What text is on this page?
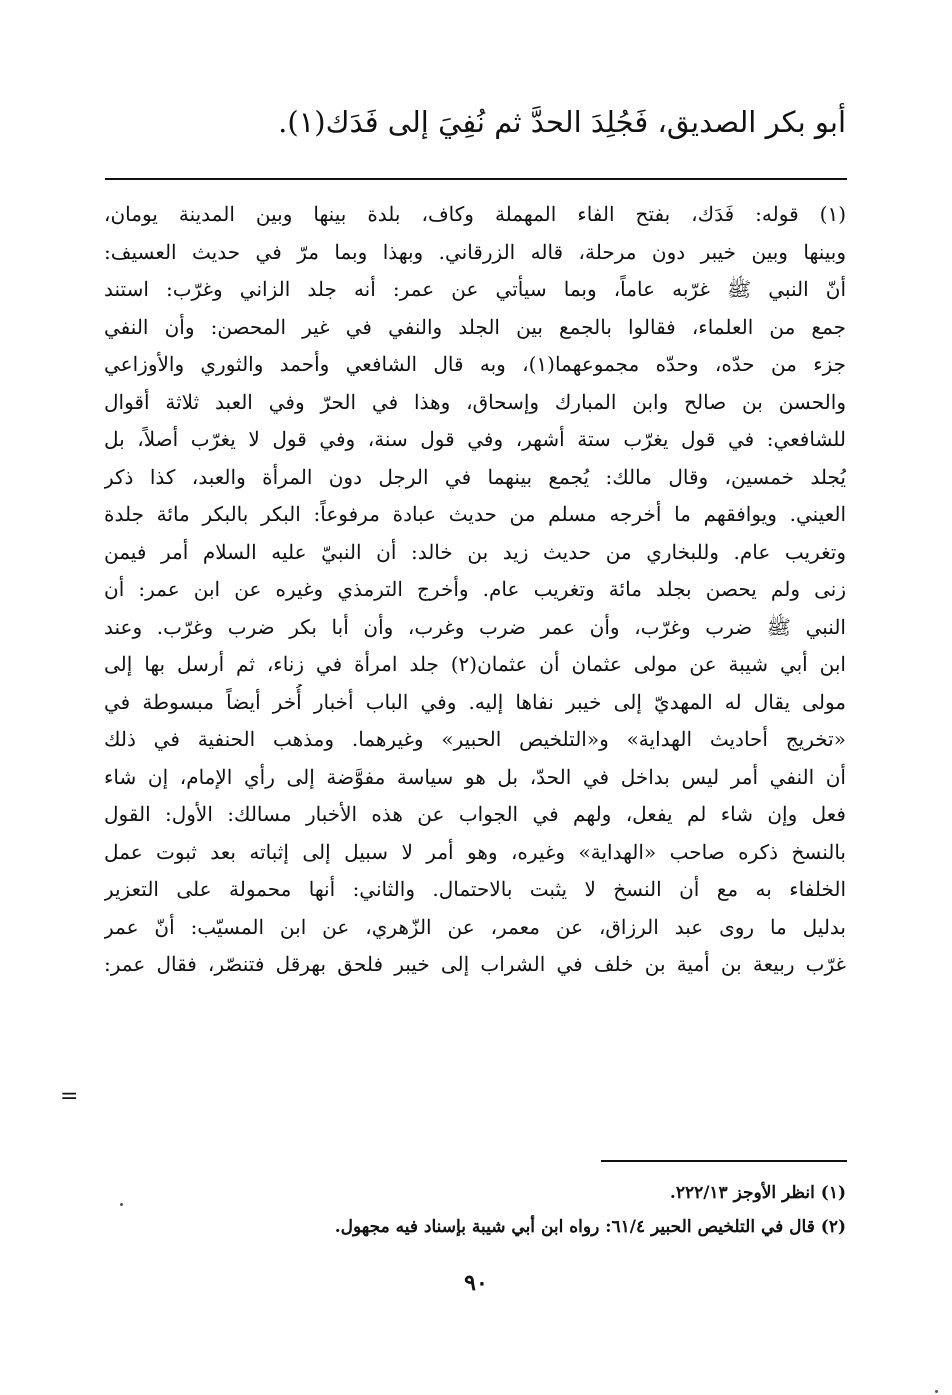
أبو بكر الصديق، فَجُلِدَ الحدَّ ثم نُفِيَ إلى فَدَك(١).
(١) قوله: فَدَك، بفتح الفاء المهملة وكاف، بلدة بينها وبين المدينة يومان،
وبينها وبين خيبر دون مرحلة، قاله الزرقاني. وبهذا وبما مرّ في حديث العسيف:
أنّ النبي ﷺ غرّبه عاماً، وبما سيأتي عن عمر: أنه جلد الزاني وغرّب: استند
جمع من العلماء، فقالوا بالجمع بين الجلد والنفي في غير المحصن: وأن النفي
جزء من حدّه، وحدّه مجموعهما(١)، وبه قال الشافعي وأحمد والثوري والأوزاعي
والحسن بن صالح وابن المبارك وإسحاق، وهذا في الحرّ وفي العبد ثلاثة أقوال
للشافعي: في قول يغرّب ستة أشهر، وفي قول سنة، وفي قول لا يغرّب أصلاً، بل
يُجلد خمسين، وقال مالك: يُجمع بينهما في الرجل دون المرأة والعبد، كذا ذكر
العيني. ويوافقهم ما أخرجه مسلم من حديث عبادة مرفوعاً: البكر بالبكر مائة جلدة
وتغريب عام. وللبخاري من حديث زيد بن خالد: أن النبيّ عليه السلام أمر فيمن
زنى ولم يحصن بجلد مائة وتغريب عام. وأخرج الترمذي وغيره عن ابن عمر: أن
النبي ﷺ ضرب وغرّب، وأن عمر ضرب وغرب، وأن أبا بكر ضرب وغرّب. وعند
ابن أبي شيبة عن مولى عثمان أن عثمان(٢) جلد امرأة في زناء، ثم أرسل بها إلى
مولى يقال له المهديّ إلى خيبر نفاها إليه. وفي الباب أخبار أُخر أيضاً مبسوطة في
«تخريج أحاديث الهداية» و«التلخيص الحبير» وغيرهما. ومذهب الحنفية في ذلك
أن النفي أمر ليس بداخل في الحدّ، بل هو سياسة مفوَّضة إلى رأي الإمام، إن شاء
فعل وإن شاء لم يفعل، ولهم في الجواب عن هذه الأخبار مسالك: الأول: القول
بالنسخ ذكره صاحب «الهداية» وغيره، وهو أمر لا سبيل إلى إثباته بعد ثبوت عمل
الخلفاء به مع أن النسخ لا يثبت بالاحتمال. والثاني: أنها محمولة على التعزير
بدليل ما روى عبد الرزاق، عن معمر، عن الزّهري، عن ابن المسيّب: أنّ عمر
غرّب ربيعة بن أمية بن خلف في الشراب إلى خيبر فلحق بهرقل فتنصّر، فقال عمر:
=
(١) انظر الأوجز ٢٢٢/١٣.
(٢) قال في التلخيص الحبير ٦١/٤: رواه ابن أبي شيبة بإسناد فيه مجهول.
٩٠
